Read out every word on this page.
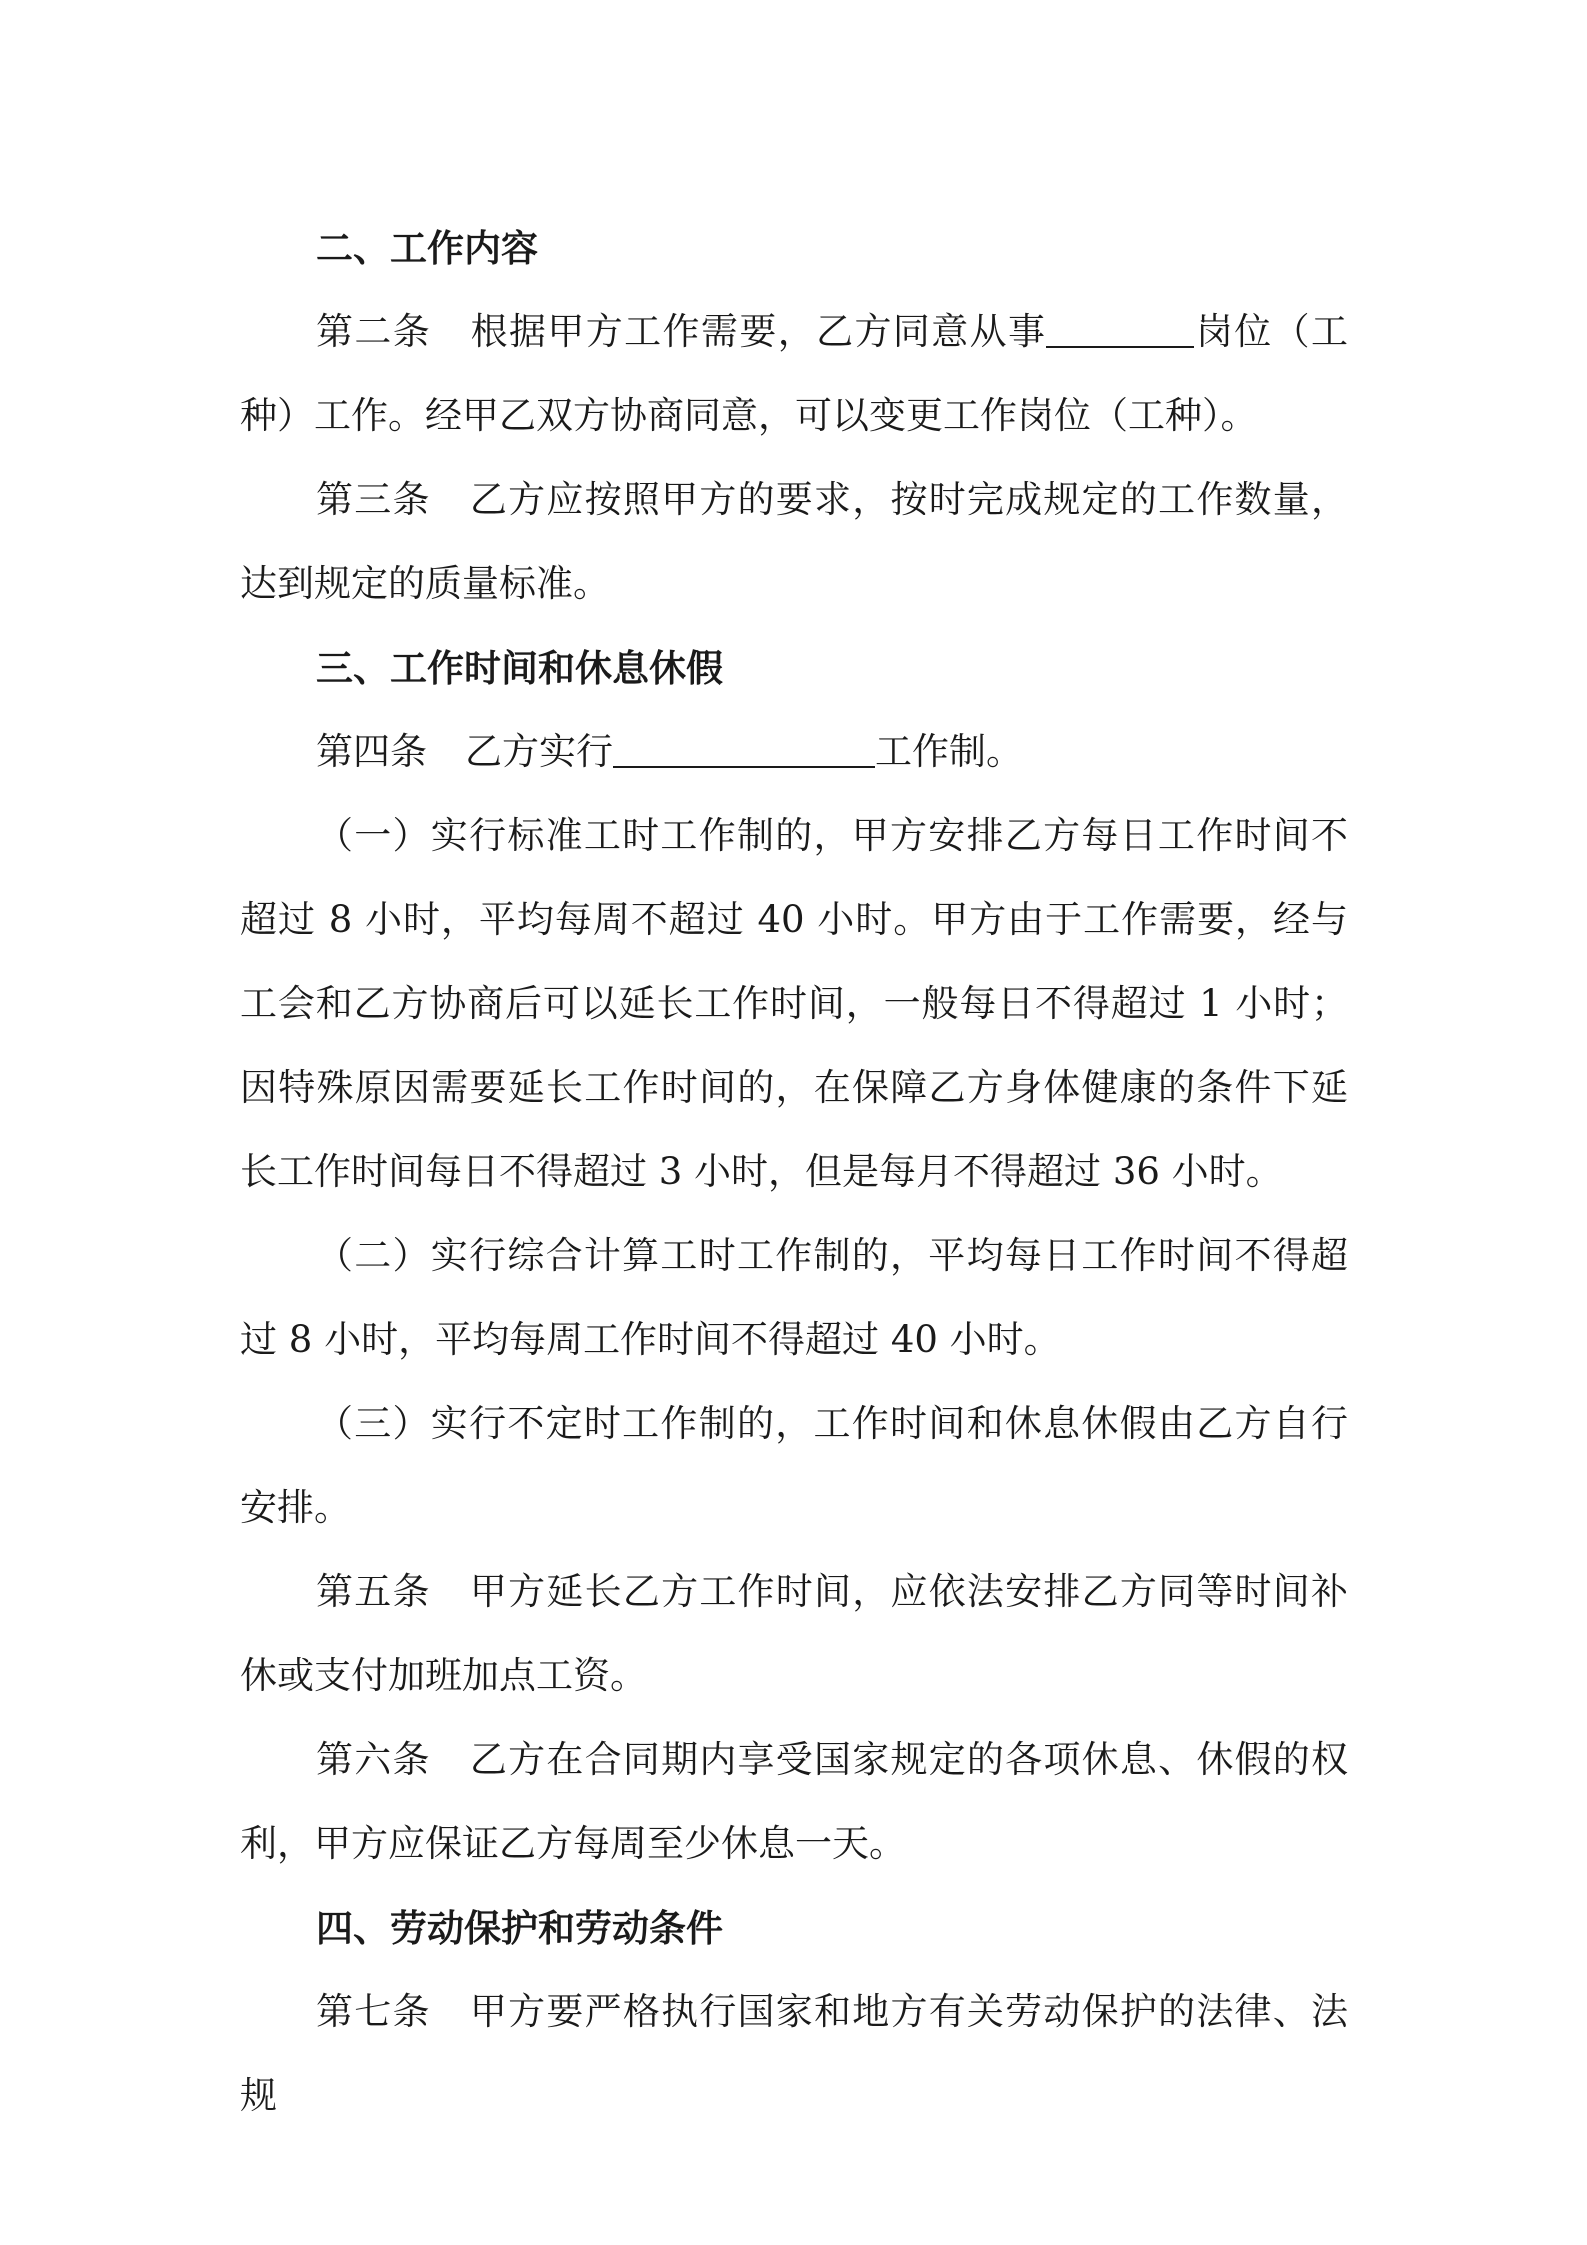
二、工作内容

第二条 根据甲方工作需要，乙方同意从事	岗位（工种）工作。经甲乙双方协商同意，可以变更工作岗位（工种）。

第三条 乙方应按照甲方的要求，按时完成规定的工作数量，达到规定的质量标准。

三、工作时间和休息休假

第四条 乙方实行	工作制。

（一）实行标准工时工作制的，甲方安排乙方每日工作时间不超过 8 小时，平均每周不超过 40 小时。甲方由于工作需要，经与工会和乙方协商后可以延长工作时间，一般每日不得超过 1 小时；因特殊原因需要延长工作时间的，在保障乙方身体健康的条件下延长工作时间每日不得超过 3 小时，但是每月不得超过 36 小时。

（二）实行综合计算工时工作制的，平均每日工作时间不得超过 8 小时，平均每周工作时间不得超过 40 小时。

（三）实行不定时工作制的，工作时间和休息休假由乙方自行安排。

第五条 甲方延长乙方工作时间，应依法安排乙方同等时间补休或支付加班加点工资。

第六条 乙方在合同期内享受国家规定的各项休息、休假的权利，甲方应保证乙方每周至少休息一天。

四、劳动保护和劳动条件

第七条 甲方要严格执行国家和地方有关劳动保护的法律、法规
